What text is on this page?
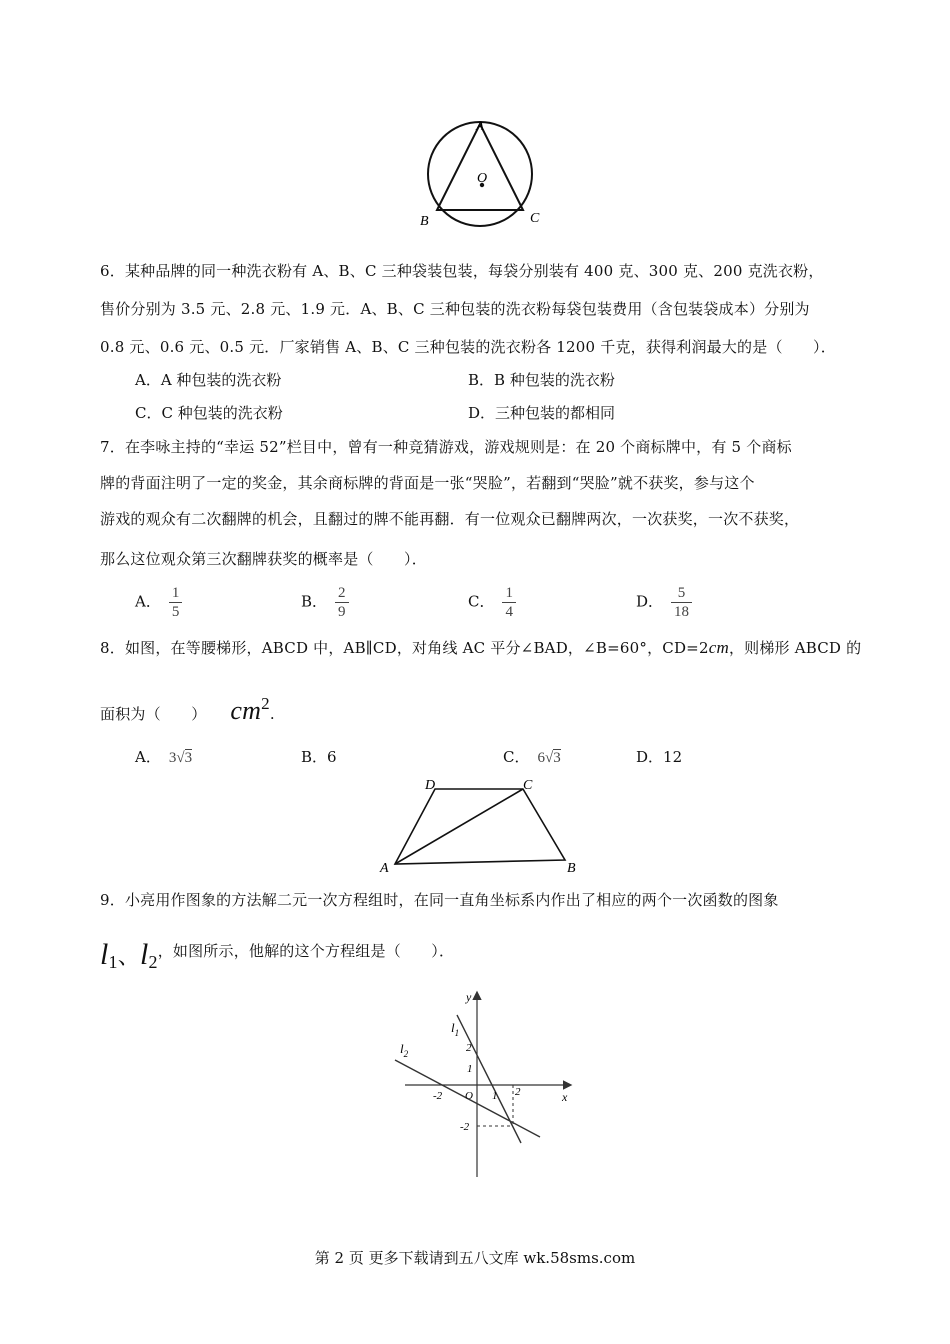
A
O
B	C
6．某种品牌的同一种洗衣粉有 A、B、C 三种袋装包装，每袋分别装有 400 克、300 克、200 克洗衣粉，
售价分别为 3.5 元、2.8 元、1.9 元．A、B、C 三种包装的洗衣粉每袋包装费用（含包装袋成本）分别为
0.8 元、0.6 元、0.5 元．厂家销售 A、B、C 三种包装的洗衣粉各 1200 千克，获得利润最大的是（　　）．
A．A 种包装的洗衣粉	B．B 种包装的洗衣粉
C．C 种包装的洗衣粉	D．三种包装的都相同
7．在李咏主持的“幸运 52”栏目中，曾有一种竞猜游戏，游戏规则是：在 20 个商标牌中，有 5 个商标
牌的背面注明了一定的奖金，其余商标牌的背面是一张“哭脸”，若翻到“哭脸”就不获奖，参与这个
游戏的观众有二次翻牌的机会，且翻过的牌不能再翻．有一位观众已翻牌两次，一次获奖，一次不获奖，
那么这位观众第三次翻牌获奖的概率是（　　）．
A． $\frac{1}{5}$	B． $\frac{2}{9}$	C． $\frac{1}{4}$	D． $\frac{5}{18}$
8．如图，在等腰梯形，ABCD 中，AB∥CD，对角线 AC 平分∠BAD，∠B=60°，CD=2cm，则梯形 ABCD 的
面积为（　　） $cm^2$.
A． 3√3	B．6	C． 6√3	D．12
D	C
A	B
9．小亮用作图象的方法解二元一次方程组时，在同一直角坐标系内作出了相应的两个一次函数的图象
$l_1$、$l_2$，如图所示，他解的这个方程组是（　　）．
y
x
$l_1$
$l_2$
O
2
1
-2	1 2
-2
第 2 页 更多下载请到五八文库 wk.58sms.com
